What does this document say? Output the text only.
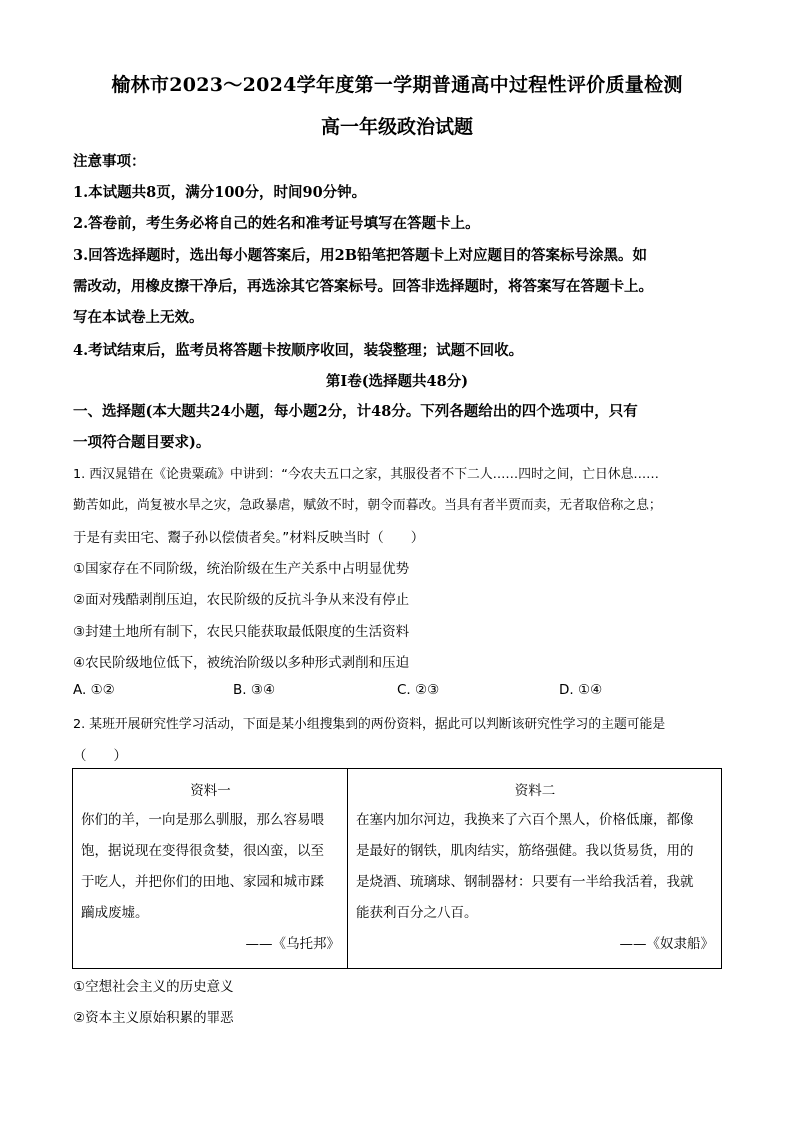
榆林市2023～2024学年度第一学期普通高中过程性评价质量检测
高一年级政治试题
注意事项：
1.本试题共8页，满分100分，时间90分钟。
2.答卷前，考生务必将自己的姓名和准考证号填写在答题卡上。
3.回答选择题时，选出每小题答案后，用2B铅笔把答题卡上对应题目的答案标号涂黑。如
需改动，用橡皮擦干净后，再选涂其它答案标号。回答非选择题时，将答案写在答题卡上。
写在本试卷上无效。
4.考试结束后，监考员将答题卡按顺序收回，装袋整理；试题不回收。
第Ⅰ卷(选择题共48分)
一、选择题(本大题共24小题，每小题2分，计48分。下列各题给出的四个选项中，只有
一项符合题目要求)。
1. 西汉晁错在《论贵粟疏》中讲到：“今农夫五口之家，其服役者不下二人……四时之间，亡日休息……
勤苦如此，尚复被水旱之灾，急政暴虐，赋敛不时，朝令而暮改。当具有者半贾而卖，无者取倍称之息；
于是有卖田宅、鬻子孙以偿债者矣。”材料反映当时（　　）
①国家存在不同阶级，统治阶级在生产关系中占明显优势
②面对残酷剥削压迫，农民阶级的反抗斗争从来没有停止
③封建土地所有制下，农民只能获取最低限度的生活资料
④农民阶级地位低下，被统治阶级以多种形式剥削和压迫
A. ①②	B. ③④	C. ②③	D. ①④
2. 某班开展研究性学习活动，下面是某小组搜集到的两份资料，据此可以判断该研究性学习的主题可能是
（　　）
资料一
你们的羊，一向是那么驯服，那么容易喂
饱，据说现在变得很贪婪，很凶蛮，以至
于吃人，并把你们的田地、家园和城市蹂
躏成废墟。
——《乌托邦》

资料二
在塞内加尔河边，我换来了六百个黑人，价格低廉，都像
是最好的钢铁，肌肉结实，筋络强健。我以货易货，用的
是烧酒、琉璃球、钢制器材：只要有一半给我活着，我就
能获利百分之八百。
——《奴隶船》
①空想社会主义的历史意义
②资本主义原始积累的罪恶
